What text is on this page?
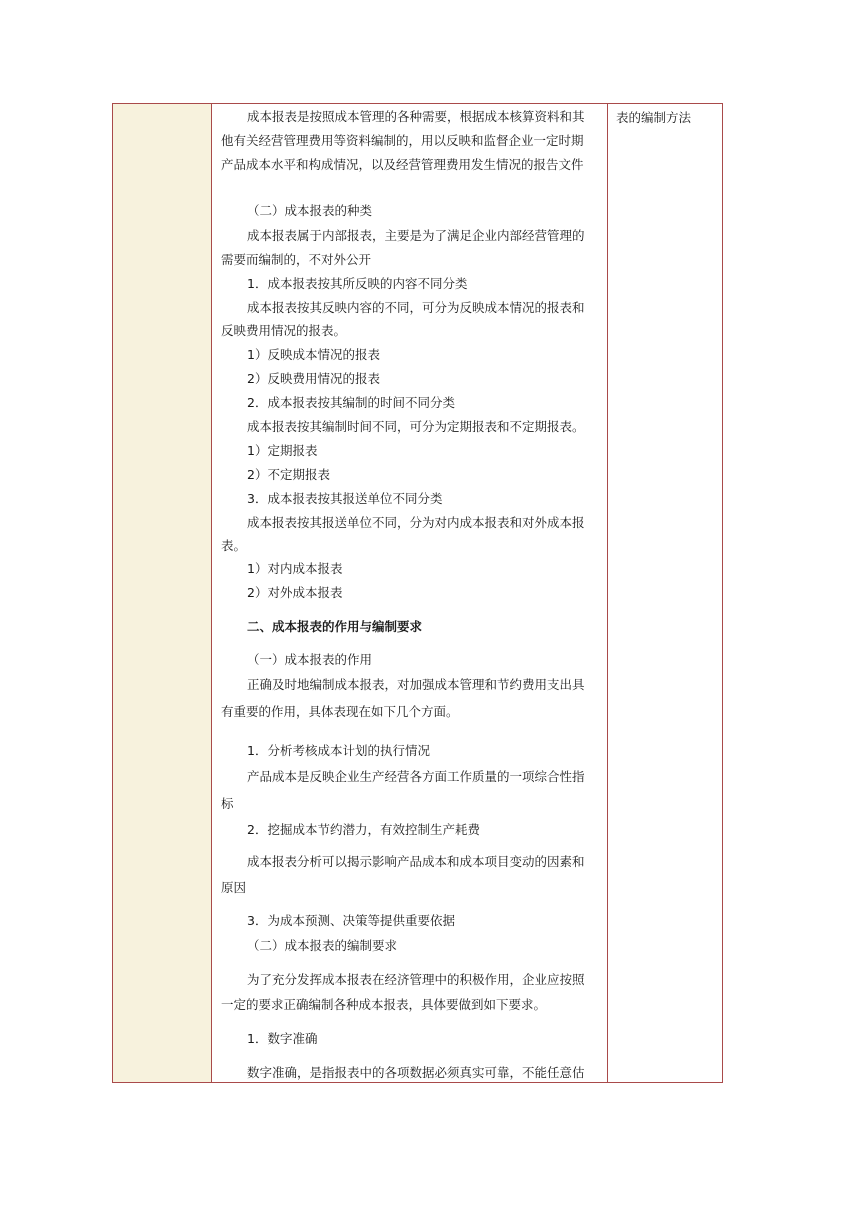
表的编制方法
成本报表是按照成本管理的各种需要，根据成本核算资料和其
他有关经营管理费用等资料编制的，用以反映和监督企业一定时期
产品成本水平和构成情况，以及经营管理费用发生情况的报告文件
（二）成本报表的种类
成本报表属于内部报表，主要是为了满足企业内部经营管理的
需要而编制的，不对外公开
1．成本报表按其所反映的内容不同分类
成本报表按其反映内容的不同，可分为反映成本情况的报表和
反映费用情况的报表。
1）反映成本情况的报表
2）反映费用情况的报表
2．成本报表按其编制的时间不同分类
成本报表按其编制时间不同，可分为定期报表和不定期报表。
1）定期报表
2）不定期报表
3．成本报表按其报送单位不同分类
成本报表按其报送单位不同，分为对内成本报表和对外成本报
表。
1）对内成本报表
2）对外成本报表
二、成本报表的作用与编制要求
（一）成本报表的作用
正确及时地编制成本报表，对加强成本管理和节约费用支出具
有重要的作用，具体表现在如下几个方面。
1．分析考核成本计划的执行情况
产品成本是反映企业生产经营各方面工作质量的一项综合性指
标
2．挖掘成本节约潜力，有效控制生产耗费
成本报表分析可以揭示影响产品成本和成本项目变动的因素和
原因
3．为成本预测、决策等提供重要依据
（二）成本报表的编制要求
为了充分发挥成本报表在经济管理中的积极作用，企业应按照
一定的要求正确编制各种成本报表，具体要做到如下要求。
1．数字准确
数字准确，是指报表中的各项数据必须真实可靠，不能任意估
